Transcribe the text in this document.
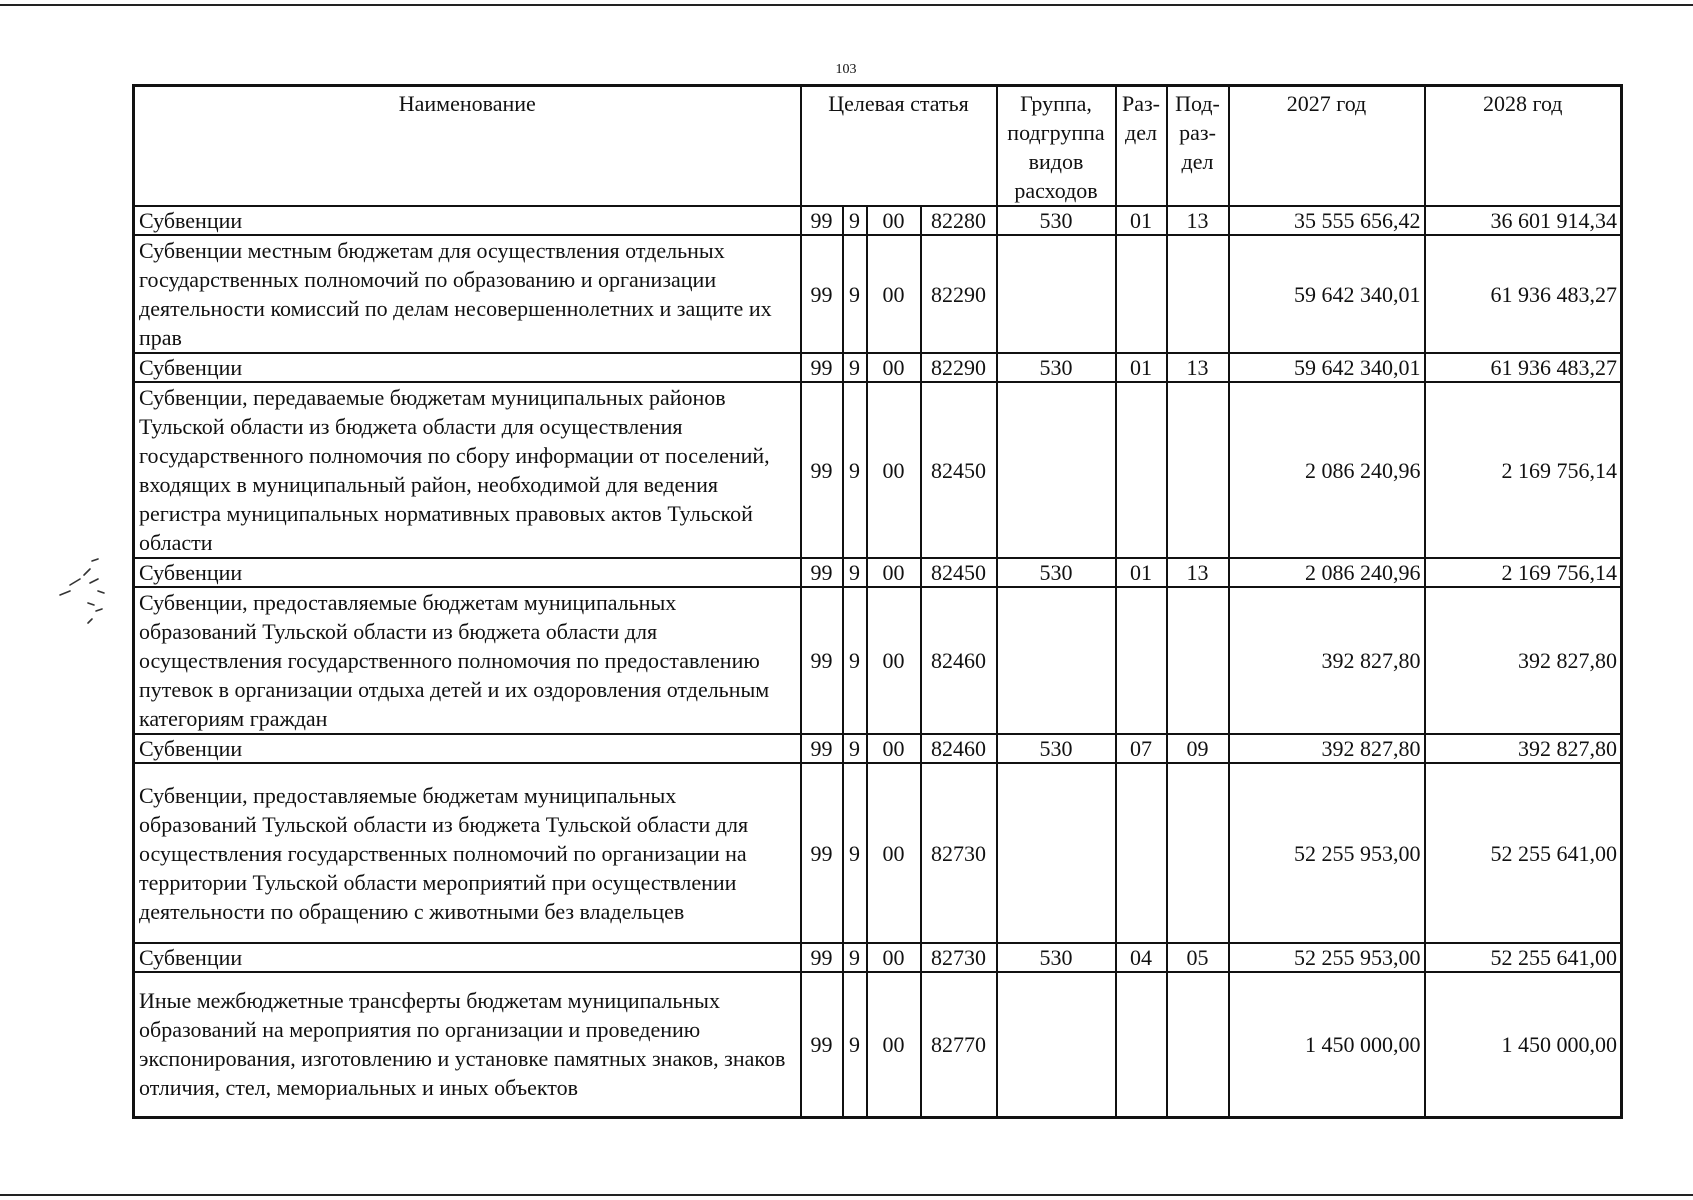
103
Наименование	Целевая статья				Группа, подгруппа видов расходов	Раз- дел	Под- раз- дел	2027 год	2028 год
Субвенции	99	9	00	82280	530	01	13	35 555 656,42	36 601 914,34
Субвенции местным бюджетам для осуществления отдельных государственных полномочий по образованию и организации деятельности комиссий по делам несовершеннолетних и защите их прав	99	9	00	82290				59 642 340,01	61 936 483,27
Субвенции	99	9	00	82290	530	01	13	59 642 340,01	61 936 483,27
Субвенции, передаваемые бюджетам муниципальных районов Тульской области из бюджета области для осуществления государственного полномочия по сбору информации от поселений, входящих в муниципальный район, необходимой для ведения регистра муниципальных нормативных правовых актов Тульской области	99	9	00	82450				2 086 240,96	2 169 756,14
Субвенции	99	9	00	82450	530	01	13	2 086 240,96	2 169 756,14
Субвенции, предоставляемые бюджетам муниципальных образований Тульской области из бюджета области для осуществления государственного полномочия по предоставлению путевок в организации отдыха детей и их оздоровления отдельным категориям граждан	99	9	00	82460				392 827,80	392 827,80
Субвенции	99	9	00	82460	530	07	09	392 827,80	392 827,80
Субвенции, предоставляемые бюджетам муниципальных образований Тульской области из бюджета Тульской области для осуществления государственных полномочий по организации на территории Тульской области мероприятий при осуществлении деятельности по обращению с животными без владельцев	99	9	00	82730				52 255 953,00	52 255 641,00
Субвенции	99	9	00	82730	530	04	05	52 255 953,00	52 255 641,00
Иные межбюджетные трансферты бюджетам муниципальных образований на мероприятия по организации и проведению экспонирования, изготовлению и установке памятных знаков, знаков отличия, стел, мемориальных и иных объектов	99	9	00	82770				1 450 000,00	1 450 000,00
